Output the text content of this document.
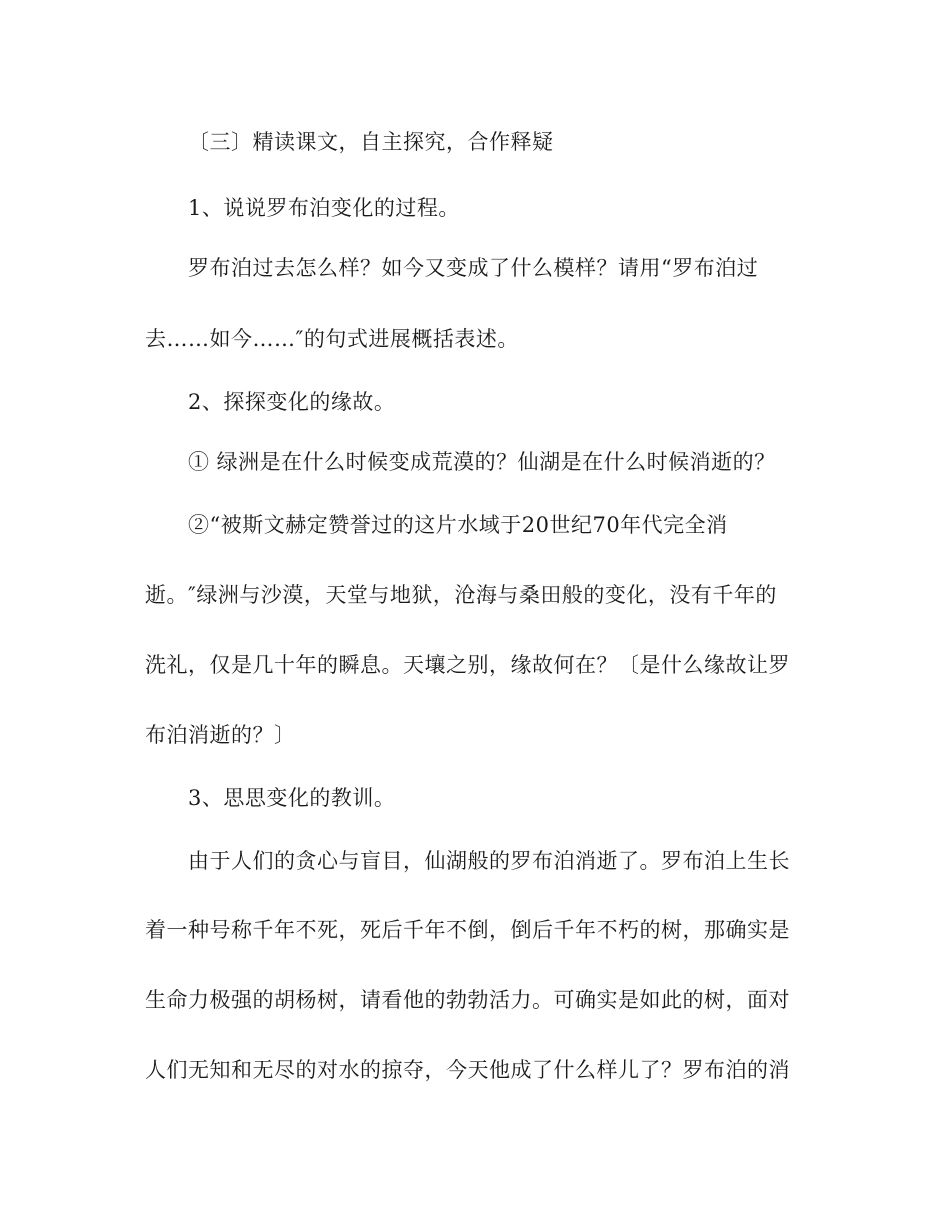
〔三〕精读课文，自主探究，合作释疑
1、说说罗布泊变化的过程。
罗布泊过去怎么样？如今又变成了什么模样？请用“罗布泊过
去……如今……″的句式进展概括表述。
2、探探变化的缘故。
① 绿洲是在什么时候变成荒漠的？仙湖是在什么时候消逝的？
②“被斯文赫定赞誉过的这片水域于20世纪70年代完全消
逝。″绿洲与沙漠，天堂与地狱，沧海与桑田般的变化，没有千年的
洗礼，仅是几十年的瞬息。天壤之别，缘故何在？〔是什么缘故让罗
布泊消逝的？〕
3、思思变化的教训。
由于人们的贪心与盲目，仙湖般的罗布泊消逝了。罗布泊上生长
着一种号称千年不死，死后千年不倒，倒后千年不朽的树，那确实是
生命力极强的胡杨树，请看他的勃勃活力。可确实是如此的树，面对
人们无知和无尽的对水的掠夺，今天他成了什么样儿了？罗布泊的消
